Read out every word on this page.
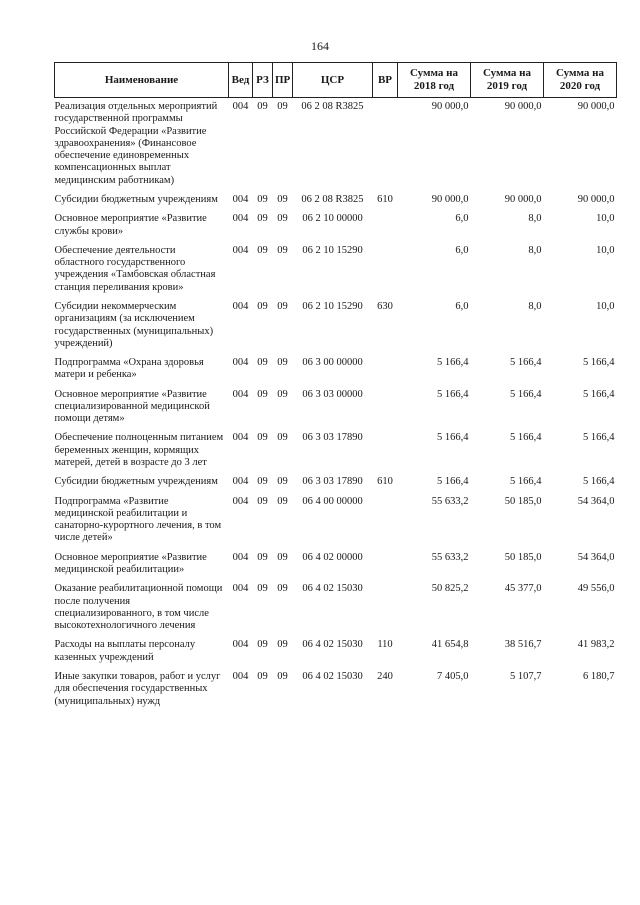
164
Наименование	Вед	РЗ	ПР	ЦСР	ВР	Сумма на 2018 год	Сумма на 2019 год	Сумма на 2020 год
Реализация отдельных мероприятий государственной программы Российской Федерации «Развитие здравоохранения» (Финансовое обеспечение единовременных компенсационных выплат медицинским работникам)	004	09	09	06 2 08 R3825		90 000,0	90 000,0	90 000,0
Субсидии бюджетным учреждениям	004	09	09	06 2 08 R3825	610	90 000,0	90 000,0	90 000,0
Основное мероприятие «Развитие службы крови»	004	09	09	06 2 10 00000		6,0	8,0	10,0
Обеспечение деятельности областного государственного учреждения «Тамбовская областная станция переливания крови»	004	09	09	06 2 10 15290		6,0	8,0	10,0
Субсидии некоммерческим организациям (за исключением государственных (муниципальных) учреждений)	004	09	09	06 2 10 15290	630	6,0	8,0	10,0
Подпрограмма «Охрана здоровья матери и ребенка»	004	09	09	06 3 00 00000		5 166,4	5 166,4	5 166,4
Основное мероприятие «Развитие специализированной медицинской помощи детям»	004	09	09	06 3 03 00000		5 166,4	5 166,4	5 166,4
Обеспечение полноценным питанием беременных женщин, кормящих матерей, детей в возрасте до 3 лет	004	09	09	06 3 03 17890		5 166,4	5 166,4	5 166,4
Субсидии бюджетным учреждениям	004	09	09	06 3 03 17890	610	5 166,4	5 166,4	5 166,4
Подпрограмма «Развитие медицинской реабилитации и санаторно-курортного лечения, в том числе детей»	004	09	09	06 4 00 00000		55 633,2	50 185,0	54 364,0
Основное мероприятие «Развитие медицинской реабилитации»	004	09	09	06 4 02 00000		55 633,2	50 185,0	54 364,0
Оказание реабилитационной помощи после получения специализированного, в том числе высокотехнологичного лечения	004	09	09	06 4 02 15030		50 825,2	45 377,0	49 556,0
Расходы на выплаты персоналу казенных учреждений	004	09	09	06 4 02 15030	110	41 654,8	38 516,7	41 983,2
Иные закупки товаров, работ и услуг для обеспечения государственных (муниципальных) нужд	004	09	09	06 4 02 15030	240	7 405,0	5 107,7	6 180,7
